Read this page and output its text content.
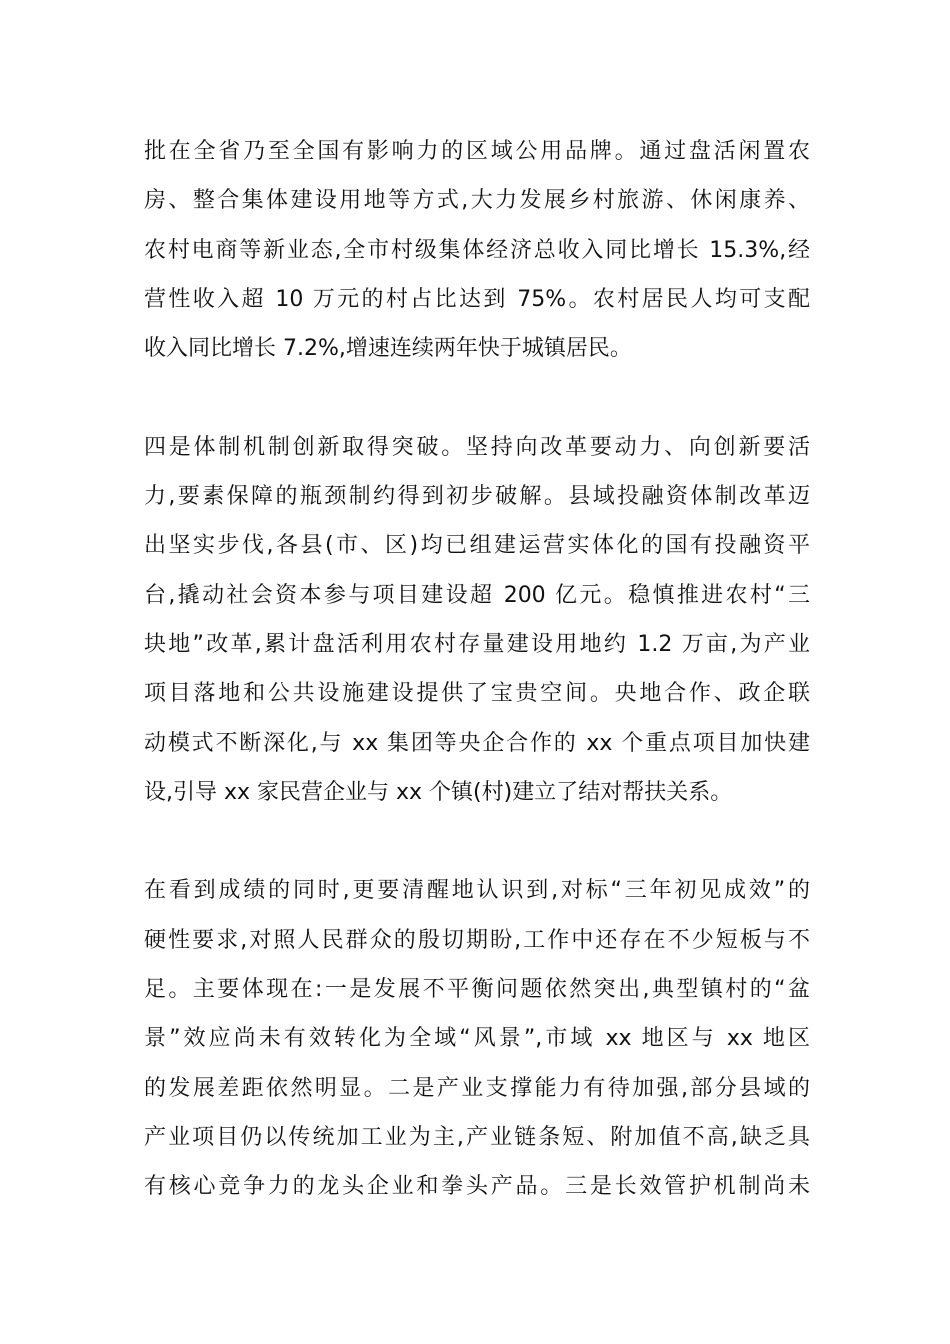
批在全省乃至全国有影响力的区域公用品牌。通过盘活闲置农
房、整合集体建设用地等方式,大力发展乡村旅游、休闲康养、
农村电商等新业态,全市村级集体经济总收入同比增长 15.3%,经
营性收入超 10 万元的村占比达到 75%。农村居民人均可支配
收入同比增长 7.2%,增速连续两年快于城镇居民。
四是体制机制创新取得突破。坚持向改革要动力、向创新要活
力,要素保障的瓶颈制约得到初步破解。县域投融资体制改革迈
出坚实步伐,各县(市、区)均已组建运营实体化的国有投融资平
台,撬动社会资本参与项目建设超 200 亿元。稳慎推进农村“三
块地”改革,累计盘活利用农村存量建设用地约 1.2 万亩,为产业
项目落地和公共设施建设提供了宝贵空间。央地合作、政企联
动模式不断深化,与 xx 集团等央企合作的 xx 个重点项目加快建
设,引导 xx 家民营企业与 xx 个镇(村)建立了结对帮扶关系。
在看到成绩的同时,更要清醒地认识到,对标“三年初见成效”的
硬性要求,对照人民群众的殷切期盼,工作中还存在不少短板与不
足。主要体现在:一是发展不平衡问题依然突出,典型镇村的“盆
景”效应尚未有效转化为全域“风景”,市域 xx 地区与 xx 地区
的发展差距依然明显。二是产业支撑能力有待加强,部分县域的
产业项目仍以传统加工业为主,产业链条短、附加值不高,缺乏具
有核心竞争力的龙头企业和拳头产品。三是长效管护机制尚未
